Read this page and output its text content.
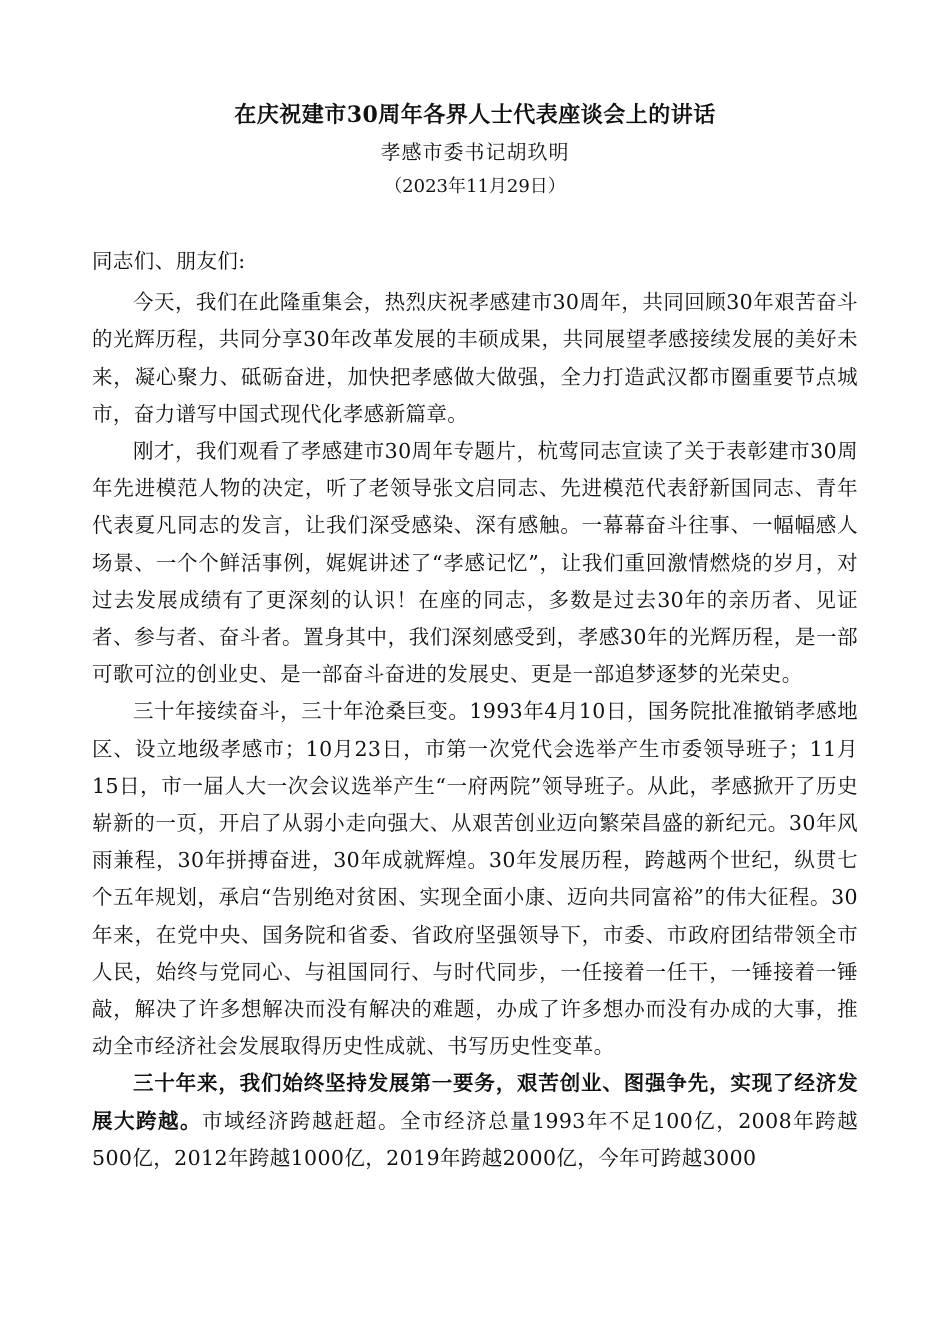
在庆祝建市30周年各界人士代表座谈会上的讲话
孝感市委书记胡玖明
（2023年11月29日）

同志们、朋友们:

今天，我们在此隆重集会，热烈庆祝孝感建市30周年，共同回顾30年艰苦奋斗的光辉历程，共同分享30年改革发展的丰硕成果，共同展望孝感接续发展的美好未来，凝心聚力、砥砺奋进，加快把孝感做大做强，全力打造武汉都市圈重要节点城市，奋力谱写中国式现代化孝感新篇章。

刚才，我们观看了孝感建市30周年专题片，杭莺同志宣读了关于表彰建市30周年先进模范人物的决定，听了老领导张文启同志、先进模范代表舒新国同志、青年代表夏凡同志的发言，让我们深受感染、深有感触。一幕幕奋斗往事、一幅幅感人场景、一个个鲜活事例，娓娓讲述了“孝感记忆”，让我们重回激情燃烧的岁月，对过去发展成绩有了更深刻的认识！在座的同志，多数是过去30年的亲历者、见证者、参与者、奋斗者。置身其中，我们深刻感受到，孝感30年的光辉历程，是一部可歌可泣的创业史、是一部奋斗奋进的发展史、更是一部追梦逐梦的光荣史。

三十年接续奋斗，三十年沧桑巨变。1993年4月10日，国务院批准撤销孝感地区、设立地级孝感市；10月23日，市第一次党代会选举产生市委领导班子；11月15日，市一届人大一次会议选举产生“一府两院”领导班子。从此，孝感掀开了历史崭新的一页，开启了从弱小走向强大、从艰苦创业迈向繁荣昌盛的新纪元。30年风雨兼程，30年拼搏奋进，30年成就辉煌。30年发展历程，跨越两个世纪，纵贯七个五年规划，承启“告别绝对贫困、实现全面小康、迈向共同富裕”的伟大征程。30年来，在党中央、国务院和省委、省政府坚强领导下，市委、市政府团结带领全市人民，始终与党同心、与祖国同行、与时代同步，一任接着一任干，一锤接着一锤敲，解决了许多想解决而没有解决的难题，办成了许多想办而没有办成的大事，推动全市经济社会发展取得历史性成就、书写历史性变革。

三十年来，我们始终坚持发展第一要务，艰苦创业、图强争先，实现了经济发展大跨越。市域经济跨越赶超。全市经济总量1993年不足100亿，2008年跨越500亿，2012年跨越1000亿，2019年跨越2000亿，今年可跨越3000
